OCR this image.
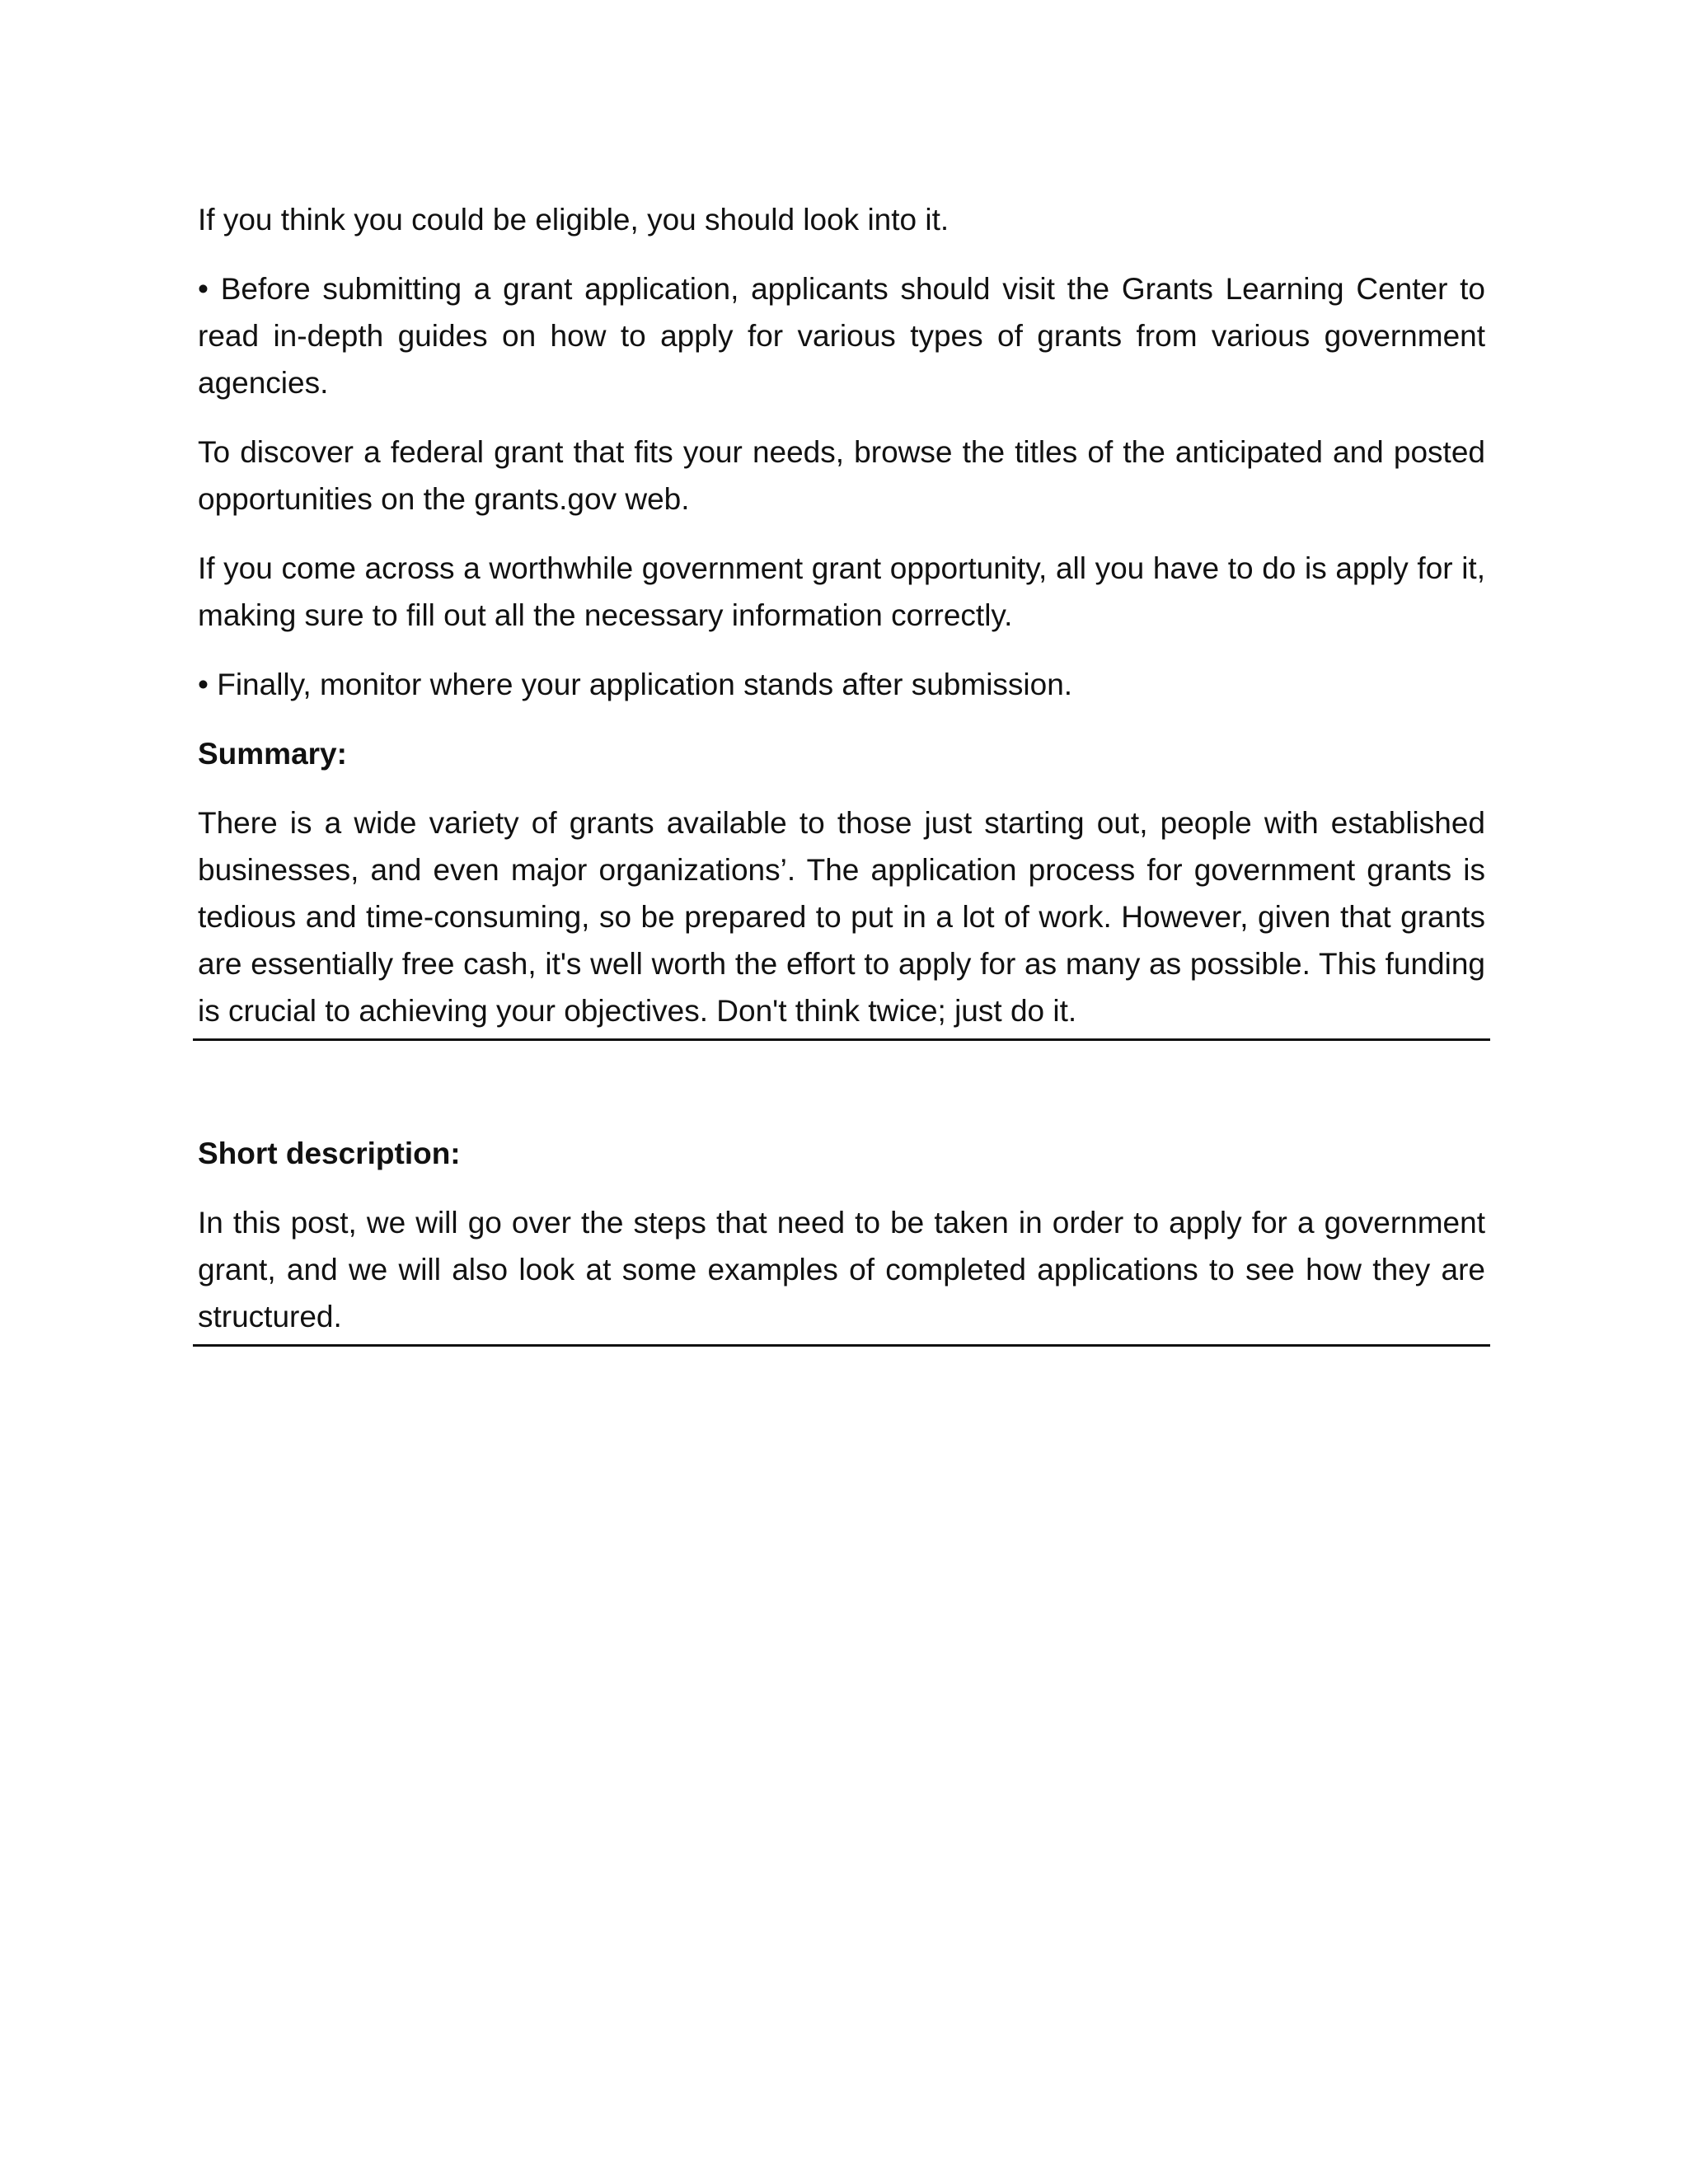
If you think you could be eligible, you should look into it.

• Before submitting a grant application, applicants should visit the Grants Learning Center to read in-depth guides on how to apply for various types of grants from various government agencies.

To discover a federal grant that fits your needs, browse the titles of the anticipated and posted opportunities on the grants.gov web.

If you come across a worthwhile government grant opportunity, all you have to do is apply for it, making sure to fill out all the necessary information correctly.

• Finally, monitor where your application stands after submission.

Summary:

There is a wide variety of grants available to those just starting out, people with established businesses, and even major organizations’. The application process for government grants is tedious and time-consuming, so be prepared to put in a lot of work. However, given that grants are essentially free cash, it's well worth the effort to apply for as many as possible. This funding is crucial to achieving your objectives. Don't think twice; just do it.

Short description:

In this post, we will go over the steps that need to be taken in order to apply for a government grant, and we will also look at some examples of completed applications to see how they are structured.
